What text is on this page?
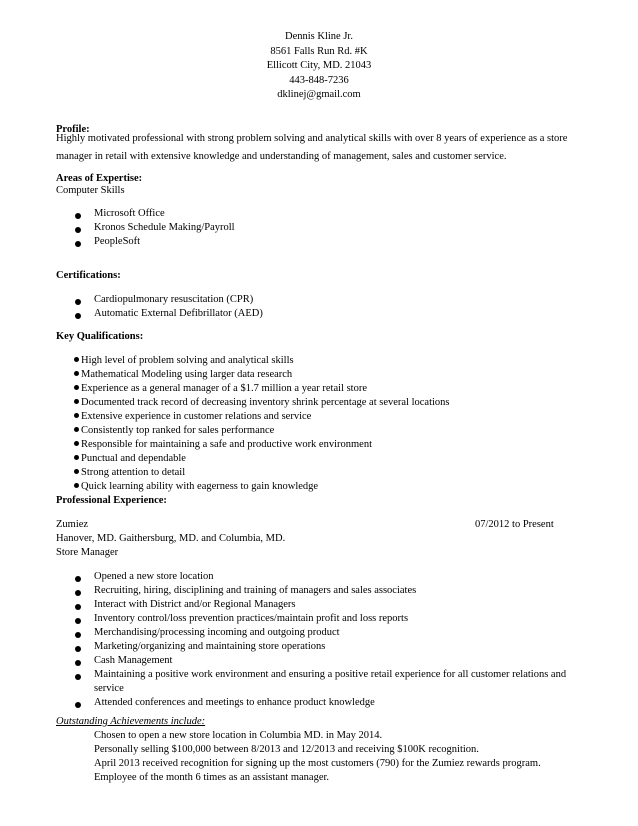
Dennis Kline Jr.
8561 Falls Run Rd. #K
Ellicott City, MD. 21043
443-848-7236
dklinej@gmail.com
Profile:
Highly motivated professional with strong problem solving and analytical skills with over 8 years of experience as a store
manager in retail with extensive knowledge and understanding of management, sales and customer service.
Areas of Expertise:
Computer Skills
Microsoft Office
Kronos Schedule Making/Payroll
PeopleSoft
Certifications:
Cardiopulmonary resuscitation (CPR)
Automatic External Defibrillator (AED)
Key Qualifications:
High level of problem solving and analytical skills
Mathematical Modeling using larger data research
Experience as a general manager of a $1.7 million a year retail store
Documented track record of decreasing inventory shrink percentage at several locations
Extensive experience in customer relations and service
Consistently top ranked for sales performance
Responsible for maintaining a safe and productive work environment
Punctual and dependable
Strong attention to detail
Quick learning ability with eagerness to gain knowledge
Professional Experience:
Zumiez	07/2012 to Present
Hanover, MD. Gaithersburg, MD. and Columbia, MD.
Store Manager
Opened a new store location
Recruiting, hiring, disciplining and training of managers and sales associates
Interact with District and/or Regional Managers
Inventory control/loss prevention practices/maintain profit and loss reports
Merchandising/processing incoming and outgoing product
Marketing/organizing and maintaining store operations
Cash Management
Maintaining a positive work environment and ensuring a positive retail experience for all customer relations and
service
Attended conferences and meetings to enhance product knowledge
Outstanding Achievements include:
Chosen to open a new store location in Columbia MD. in May 2014.
Personally selling $100,000 between 8/2013 and 12/2013 and receiving $100K recognition.
April 2013 received recognition for signing up the most customers (790) for the Zumiez rewards program.
Employee of the month 6 times as an assistant manager.
